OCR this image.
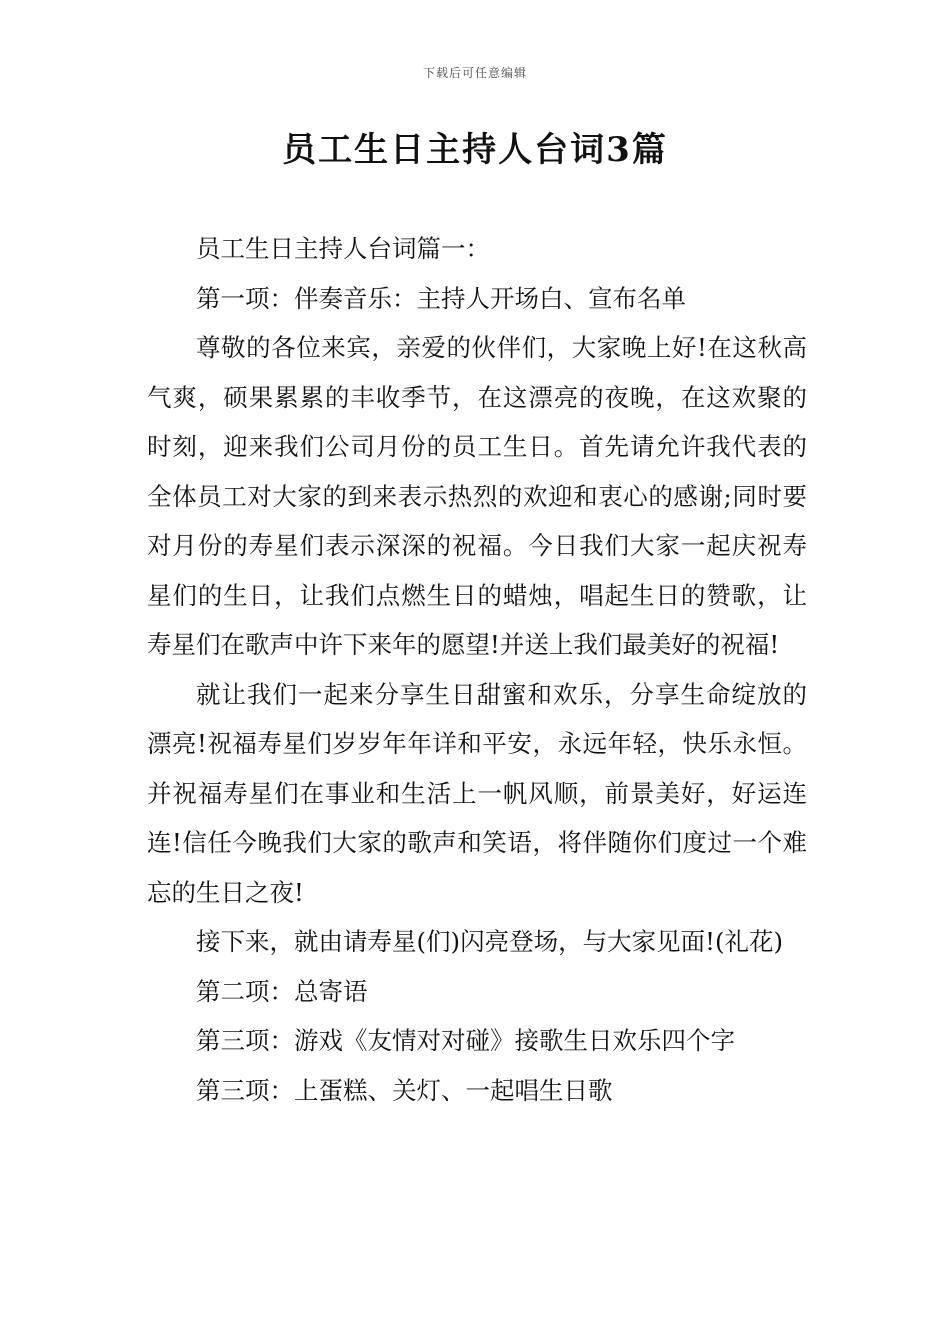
下载后可任意编辑
员工生日主持人台词3篇

员工生日主持人台词篇一：

第一项：伴奏音乐：主持人开场白、宣布名单

尊敬的各位来宾，亲爱的伙伴们，大家晚上好!在这秋高气爽，硕果累累的丰收季节，在这漂亮的夜晚，在这欢聚的时刻，迎来我们公司月份的员工生日。首先请允许我代表的全体员工对大家的到来表示热烈的欢迎和衷心的感谢;同时要对月份的寿星们表示深深的祝福。今日我们大家一起庆祝寿星们的生日，让我们点燃生日的蜡烛，唱起生日的赞歌，让寿星们在歌声中许下来年的愿望!并送上我们最美好的祝福!

就让我们一起来分享生日甜蜜和欢乐，分享生命绽放的漂亮!祝福寿星们岁岁年年详和平安，永远年轻，快乐永恒。并祝福寿星们在事业和生活上一帆风顺，前景美好，好运连连!信任今晚我们大家的歌声和笑语，将伴随你们度过一个难忘的生日之夜!

接下来，就由请寿星(们)闪亮登场，与大家见面!(礼花)

第二项：总寄语

第三项：游戏《友情对对碰》接歌生日欢乐四个字

第三项：上蛋糕、关灯、一起唱生日歌
